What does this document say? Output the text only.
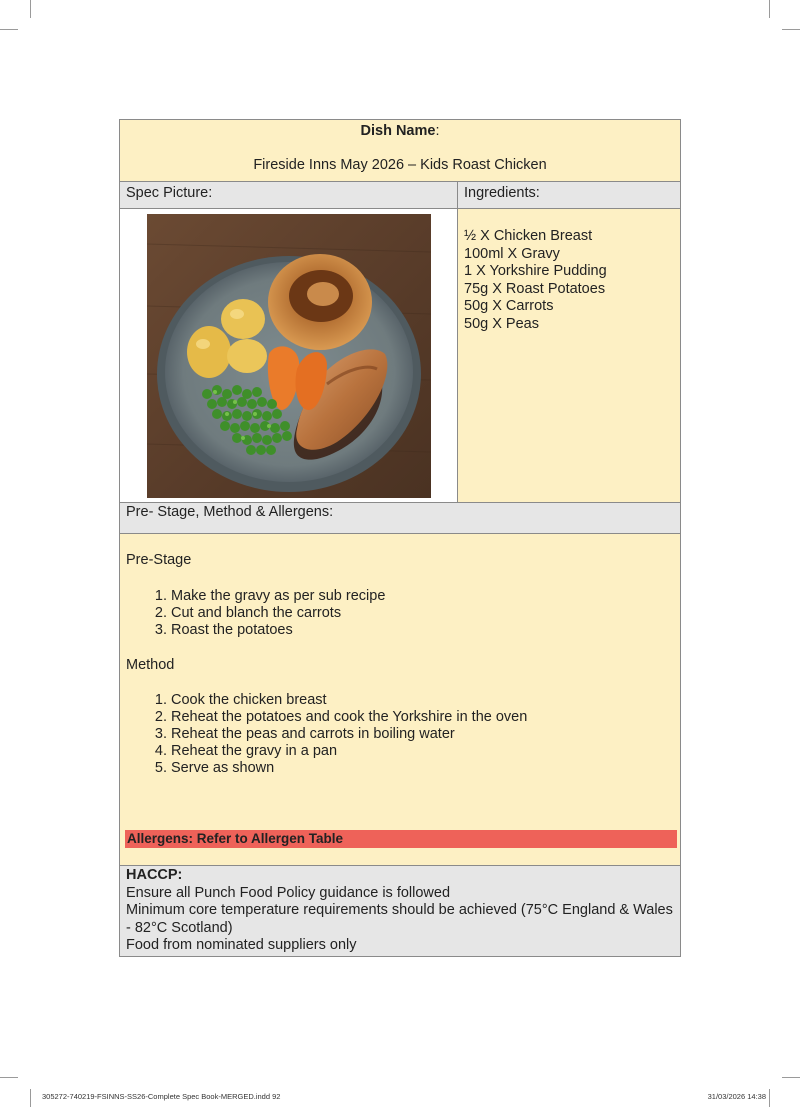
Dish Name:
Fireside Inns May 2026 – Kids Roast Chicken
Spec Picture:	Ingredients:
½ X Chicken Breast
100ml X Gravy
1 X Yorkshire Pudding
75g X Roast Potatoes
50g X Carrots
50g X Peas
Pre- Stage, Method & Allergens:
Pre-Stage
1. Make the gravy as per sub recipe
2. Cut and blanch the carrots
3. Roast the potatoes
Method
1. Cook the chicken breast
2. Reheat the potatoes and cook the Yorkshire in the oven
3. Reheat the peas and carrots in boiling water
4. Reheat the gravy in a pan
5. Serve as shown
Allergens: Refer to Allergen Table
HACCP:
Ensure all Punch Food Policy guidance is followed
Minimum core temperature requirements should be achieved (75°C England & Wales - 82°C Scotland)
Food from nominated suppliers only
305272-740219-FSINNS-SS26-Complete Spec Book-MERGED.indd 92	31/03/2026 14:38
